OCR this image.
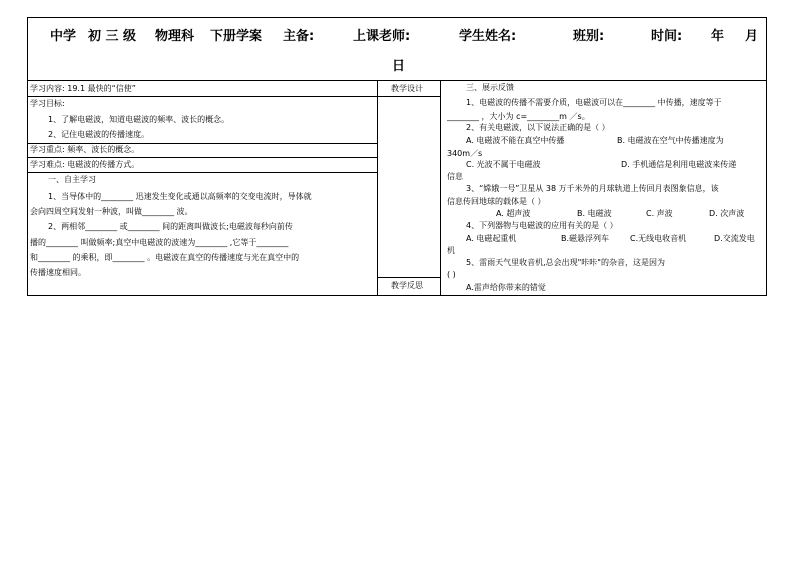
中学 初 三 级 物理科 下册学案 主备:	上课老师:	学生姓名:	班别:	时间: 年 月
日
学习内容: 19.1 最快的“信使”
学习目标:
1、了解电磁波，知道电磁波的频率、波长的概念。
2、记住电磁波的传播速度。
学习重点: 频率、波长的概念。
学习难点: 电磁波的传播方式。
一、自主学习
1、当导体中的________ 迅速发生变化或通以高频率的交变电流时，导体就
会向四周空间发射一种波，叫做________ 波。
2、两相邻________ 或________ 间的距离叫做波长;电磁波每秒向前传
播的________ 叫做频率;真空中电磁波的波速为________ ,它等于________
和________ 的乘积，即________ 。电磁波在真空的传播速度与光在真空中的
传播速度相同。
教学设计
教学反思
三、展示反馈
1、电磁波的传播不需要介质，电磁波可以在________ 中传播，速度等于
________ ，大小为 c=________m ／s。
2、有关电磁波，以下说法正确的是（ ）
A. 电磁波不能在真空中传播	B. 电磁波在空气中传播速度为
340m／s
C. 光波不属于电磁波	D. 手机通信是利用电磁波来传递
信息
3、“嫦娥一号”卫星从 38 万千米外的月球轨道上传回月表图象信息，该
信息传回地球的载体是（ ）
A. 超声波	B. 电磁波	C. 声波	D. 次声波
4、下列器物与电磁波的应用有关的是（ ）
A. 电磁起重机	B.磁悬浮列车	C.无线电收音机	D.交流发电
机
5、雷雨天气里收音机,总会出现"咔咔"的杂音，这是因为
( )
A.雷声给你带来的错觉
